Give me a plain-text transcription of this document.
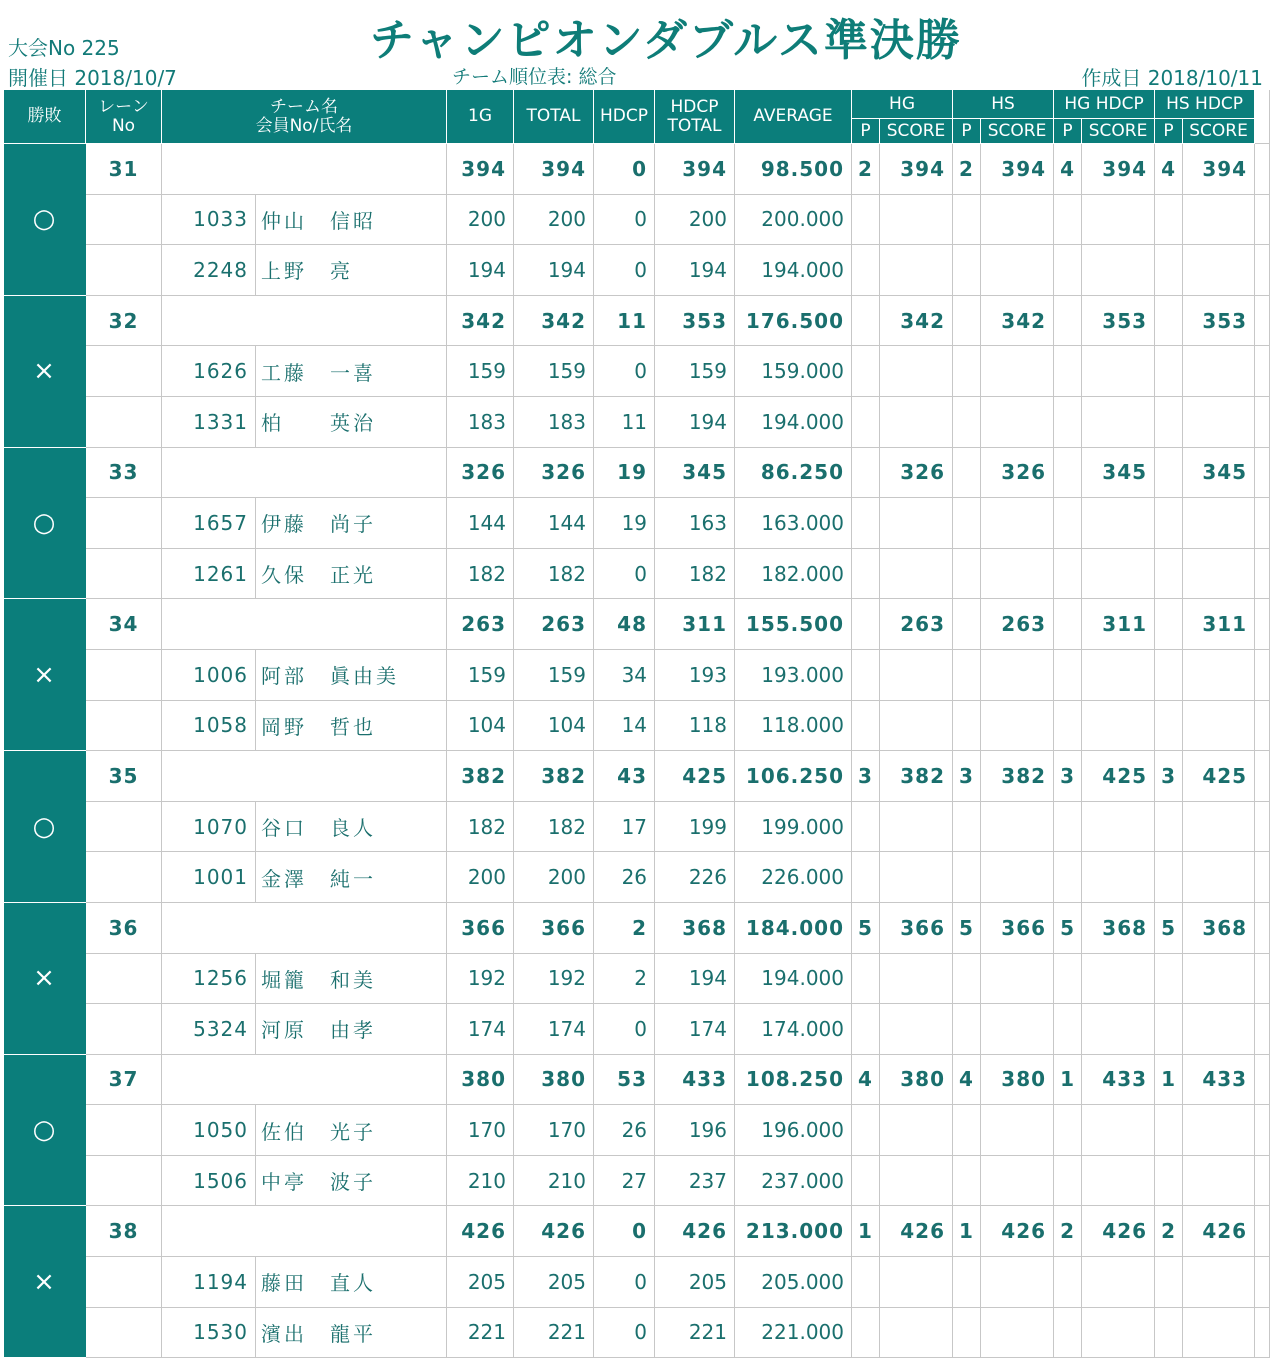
大会No 225
開催日 2018/10/7
チャンピオンダブルス準決勝
チーム順位表: 総合	作成日 2018/10/11
勝敗	レーン
No	チーム名
会員No/氏名		1G	TOTAL	HDCP	HDCP
TOTAL	AVERAGE	HG		HS		HG HDCP		HS HDCP		
									P	SCORE	P	SCORE	P	SCORE	P	SCORE	
○	31			394	394	0	394	98.500	2	394	2	394	4	394	4	394	
		1033	仲山　信昭	200	200	0	200	200.000									
		2248	上野　亮	194	194	0	194	194.000									
×	32			342	342	11	353	176.500		342		342		353		353	
		1626	工藤　一喜	159	159	0	159	159.000									
		1331	柏　　英治	183	183	11	194	194.000									
○	33			326	326	19	345	86.250		326		326		345		345	
		1657	伊藤　尚子	144	144	19	163	163.000									
		1261	久保　正光	182	182	0	182	182.000									
×	34			263	263	48	311	155.500		263		263		311		311	
		1006	阿部　眞由美	159	159	34	193	193.000									
		1058	岡野　哲也	104	104	14	118	118.000									
○	35			382	382	43	425	106.250	3	382	3	382	3	425	3	425	
		1070	谷口　良人	182	182	17	199	199.000									
		1001	金澤　純一	200	200	26	226	226.000									
×	36			366	366	2	368	184.000	5	366	5	366	5	368	5	368	
		1256	堀籠　和美	192	192	2	194	194.000									
		5324	河原　由孝	174	174	0	174	174.000									
○	37			380	380	53	433	108.250	4	380	4	380	1	433	1	433	
		1050	佐伯　光子	170	170	26	196	196.000									
		1506	中亭　波子	210	210	27	237	237.000									
×	38			426	426	0	426	213.000	1	426	1	426	2	426	2	426	
		1194	藤田　直人	205	205	0	205	205.000									
		1530	濱出　龍平	221	221	0	221	221.000									
